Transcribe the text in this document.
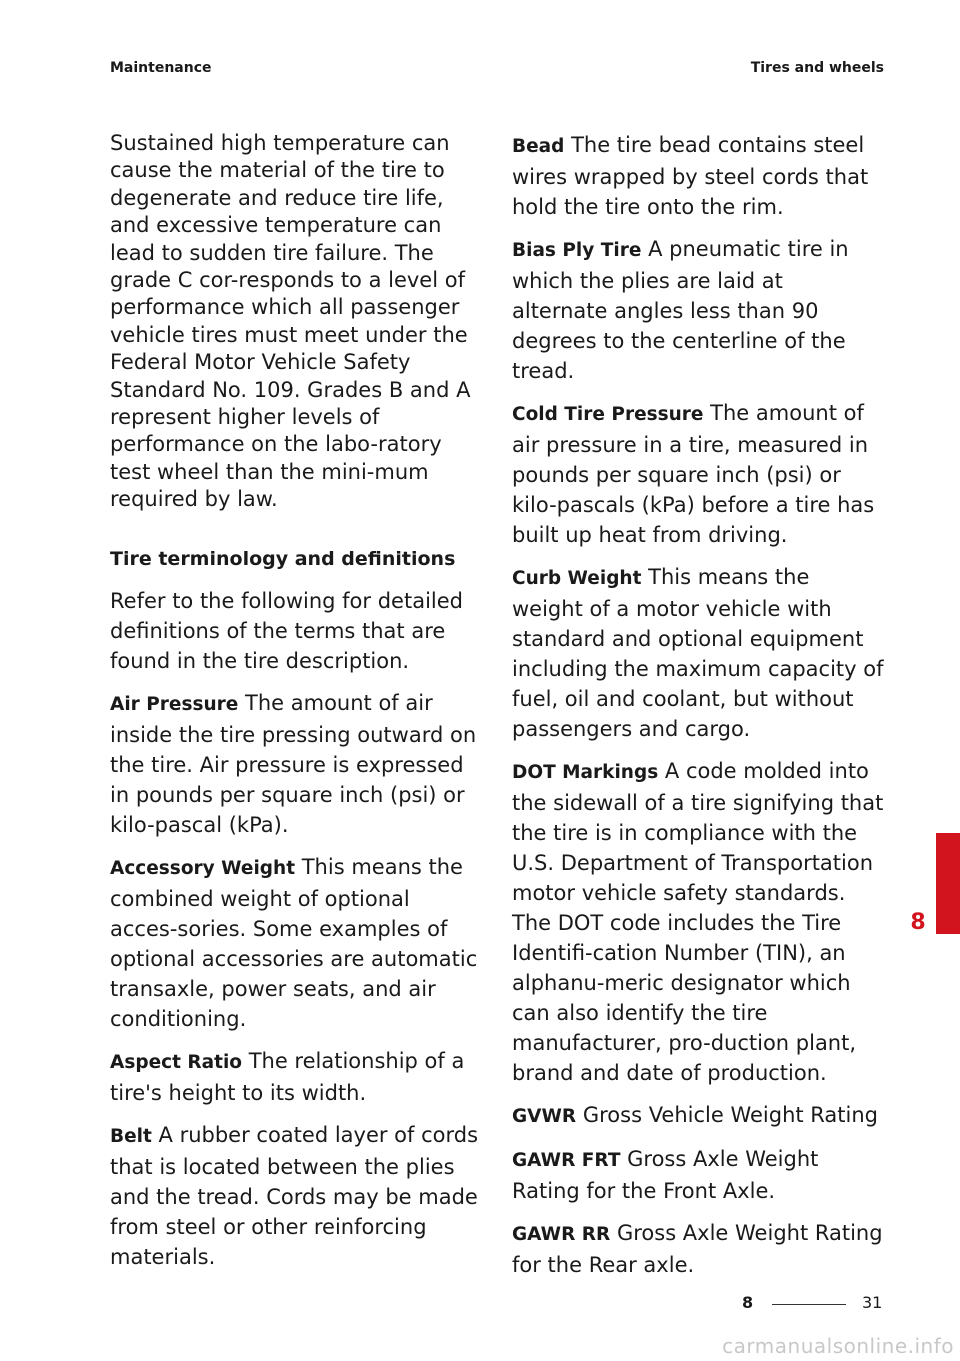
Maintenance	Tires and wheels

Sustained high temperature can cause the material of the tire to degenerate and reduce tire life, and excessive temperature can lead to sudden tire failure. The grade C cor-responds to a level of performance which all passenger vehicle tires must meet under the Federal Motor Vehicle Safety Standard No. 109. Grades B and A represent higher levels of performance on the labo-ratory test wheel than the mini-mum required by law.

Tire terminology and definitions

Refer to the following for detailed definitions of the terms that are found in the tire description.

Air Pressure The amount of air inside the tire pressing outward on the tire. Air pressure is expressed in pounds per square inch (psi) or kilo-pascal (kPa).

Accessory Weight This means the combined weight of optional acces-sories. Some examples of optional accessories are automatic transaxle, power seats, and air conditioning.

Aspect Ratio The relationship of a tire's height to its width.

Belt A rubber coated layer of cords that is located between the plies and the tread. Cords may be made from steel or other reinforcing materials.

Bead The tire bead contains steel wires wrapped by steel cords that hold the tire onto the rim.

Bias Ply Tire A pneumatic tire in which the plies are laid at alternate angles less than 90 degrees to the centerline of the tread.

Cold Tire Pressure The amount of air pressure in a tire, measured in pounds per square inch (psi) or kilo-pascals (kPa) before a tire has built up heat from driving.

Curb Weight This means the weight of a motor vehicle with standard and optional equipment including the maximum capacity of fuel, oil and coolant, but without passengers and cargo.

DOT Markings A code molded into the sidewall of a tire signifying that the tire is in compliance with the U.S. Department of Transportation motor vehicle safety standards. The DOT code includes the Tire Identifi-cation Number (TIN), an alphanu-meric designator which can also identify the tire manufacturer, pro-duction plant, brand and date of production.

GVWR Gross Vehicle Weight Rating

GAWR FRT Gross Axle Weight Rating for the Front Axle.

GAWR RR Gross Axle Weight Rating for the Rear axle.

8
8	31
carmanualsonline.info
